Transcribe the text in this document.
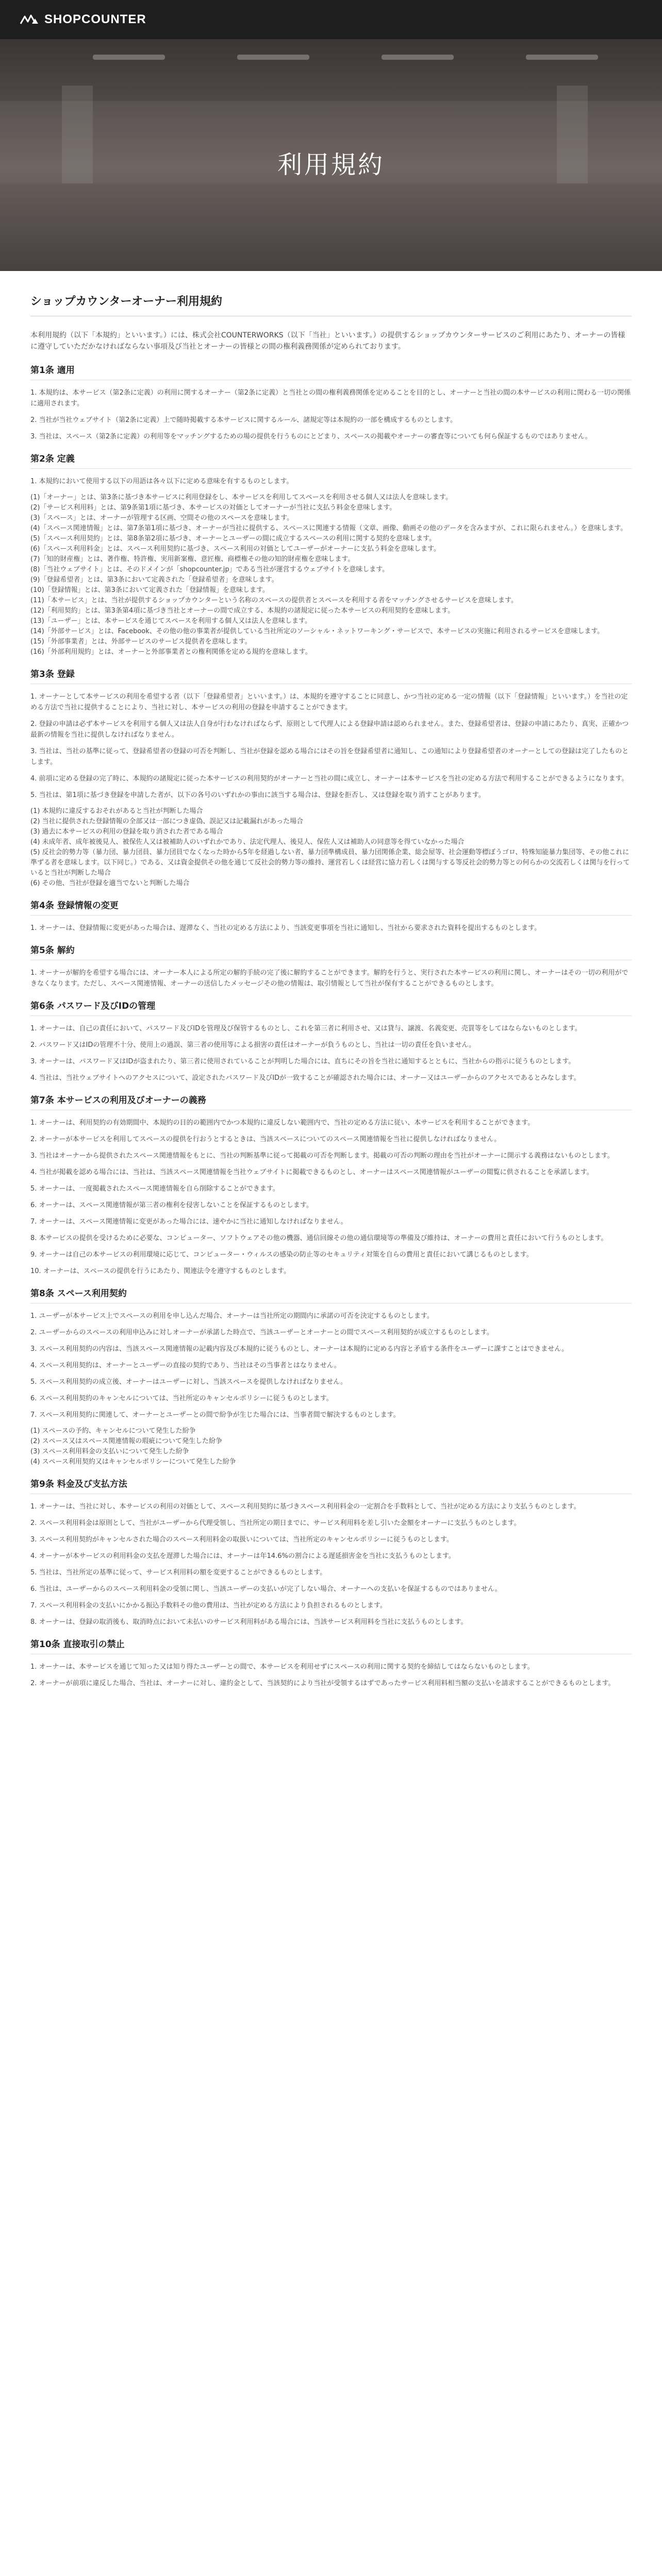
SHOPCOUNTER
利用規約
ショップカウンターオーナー利用規約

本利用規約（以下「本規約」といいます。）には、株式会社COUNTERWORKS（以下「当社」といいます。）の提供するショップカウンターサービスのご利用にあたり、オーナーの皆様に遵守していただかなければならない事項及び当社とオーナーの皆様との間の権利義務関係が定められております。

第1条 適用

1. 本規約は、本サービス（第2条に定義）の利用に関するオーナー（第2条に定義）と当社との間の権利義務関係を定めることを目的とし、オーナーと当社の間の本サービスの利用に関わる一切の関係に適用されます。

2. 当社が当社ウェブサイト（第2条に定義）上で随時掲載する本サービスに関するルール、諸規定等は本規約の一部を構成するものとします。

3. 当社は、スペース（第2条に定義）の利用等をマッチングするための場の提供を行うものにとどまり、スペースの掲載やオーナーの審査等についても何ら保証するものではありません。

第2条 定義

1. 本規約において使用する以下の用語は各々以下に定める意味を有するものとします。

(1)「オーナー」とは、第3条に基づき本サービスに利用登録をし、本サービスを利用してスペースを利用させる個人又は法人を意味します。
(2)「サービス利用料」とは、第9条第1項に基づき、本サービスの対価としてオーナーが当社に支払う料金を意味します。
(3)「スペース」とは、オーナーが管理する区画、空間その他のスペースを意味します。
(4)「スペース関連情報」とは、第7条第1項に基づき、オーナーが当社に提供する、スペースに関連する情報（文章、画像、動画その他のデータを含みますが、これに限られません。）を意味します。
(5)「スペース利用契約」とは、第8条第2項に基づき、オーナーとユーザーの間に成立するスペースの利用に関する契約を意味します。
(6)「スペース利用料金」とは、スペース利用契約に基づき、スペース利用の対価としてユーザーがオーナーに支払う料金を意味します。
(7)「知的財産権」とは、著作権、特許権、実用新案権、意匠権、商標権その他の知的財産権を意味します。
(8)「当社ウェブサイト」とは、そのドメインが「shopcounter.jp」である当社が運営するウェブサイトを意味します。
(9)「登録希望者」とは、第3条において定義された「登録希望者」を意味します。
(10)「登録情報」とは、第3条において定義された「登録情報」を意味します。
(11)「本サービス」とは、当社が提供するショップカウンターという名称のスペースの提供者とスペースを利用する者をマッチングさせるサービスを意味します。
(12)「利用契約」とは、第3条第4項に基づき当社とオーナーの間で成立する、本規約の諸規定に従った本サービスの利用契約を意味します。
(13)「ユーザー」とは、本サービスを通じてスペースを利用する個人又は法人を意味します。
(14)「外部サービス」とは、Facebook、その他の他の事業者が提供している当社所定のソーシャル・ネットワーキング・サービスで、本サービスの実施に利用されるサービスを意味します。
(15)「外部事業者」とは、外部サービスのサービス提供者を意味します。
(16)「外部利用規約」とは、オーナーと外部事業者との権利関係を定める規約を意味します。
第3条 登録

1. オーナーとして本サービスの利用を希望する者（以下「登録希望者」といいます。）は、本規約を遵守することに同意し、かつ当社の定める一定の情報（以下「登録情報」といいます。）を当社の定める方法で当社に提供することにより、当社に対し、本サービスの利用の登録を申請することができます。

2. 登録の申請は必ず本サービスを利用する個人又は法人自身が行わなければならず、原則として代理人による登録申請は認められません。また、登録希望者は、登録の申請にあたり、真実、正確かつ最新の情報を当社に提供しなければなりません。

3. 当社は、当社の基準に従って、登録希望者の登録の可否を判断し、当社が登録を認める場合にはその旨を登録希望者に通知し、この通知により登録希望者のオーナーとしての登録は完了したものとします。

4. 前項に定める登録の完了時に、本規約の諸規定に従った本サービスの利用契約がオーナーと当社の間に成立し、オーナーは本サービスを当社の定める方法で利用することができるようになります。

5. 当社は、第1項に基づき登録を申請した者が、以下の各号のいずれかの事由に該当する場合は、登録を拒否し、又は登録を取り消すことがあります。

(1) 本規約に違反するおそれがあると当社が判断した場合
(2) 当社に提供された登録情報の全部又は一部につき虚偽、誤記又は記載漏れがあった場合
(3) 過去に本サービスの利用の登録を取り消された者である場合
(4) 未成年者、成年被後見人、被保佐人又は被補助人のいずれかであり、法定代理人、後見人、保佐人又は補助人の同意等を得ていなかった場合
(5) 反社会的勢力等（暴力団、暴力団員、暴力団員でなくなった時から5年を経過しない者、暴力団準構成員、暴力団関係企業、総会屋等、社会運動等標ぼうゴロ、特殊知能暴力集団等、その他これに準ずる者を意味します。以下同じ。）である、又は資金提供その他を通じて反社会的勢力等の維持、運営若しくは経営に協力若しくは関与する等反社会的勢力等との何らかの交流若しくは関与を行っていると当社が判断した場合
(6) その他、当社が登録を適当でないと判断した場合
第4条 登録情報の変更

1. オーナーは、登録情報に変更があった場合は、遅滞なく、当社の定める方法により、当該変更事項を当社に通知し、当社から要求された資料を提出するものとします。

第5条 解約

1. オーナーが解約を希望する場合には、オーナー本人による所定の解約手続の完了後に解約することができます。解約を行うと、実行された本サービスの利用に関し、オーナーはその一切の利用ができなくなります。ただし、スペース関連情報、オーナーの送信したメッセージその他の情報は、取引情報として当社が保有することができるものとします。

第6条 パスワード及びIDの管理

1. オーナーは、自己の責任において、パスワード及びIDを管理及び保管するものとし、これを第三者に利用させ、又は貸与、譲渡、名義変更、売買等をしてはならないものとします。

2. パスワード又はIDの管理不十分、使用上の過誤、第三者の使用等による損害の責任はオーナーが負うものとし、当社は一切の責任を負いません。

3. オーナーは、パスワード又はIDが盗まれたり、第三者に使用されていることが判明した場合には、直ちにその旨を当社に通知するとともに、当社からの指示に従うものとします。

4. 当社は、当社ウェブサイトへのアクセスについて、設定されたパスワード及びIDが一致することが確認された場合には、オーナー又はユーザーからのアクセスであるとみなします。

第7条 本サービスの利用及びオーナーの義務

1. オーナーは、利用契約の有効期間中、本規約の目的の範囲内でかつ本規約に違反しない範囲内で、当社の定める方法に従い、本サービスを利用することができます。

2. オーナーが本サービスを利用してスペースの提供を行おうとするときは、当該スペースについてのスペース関連情報を当社に提供しなければなりません。

3. 当社はオーナーから提供されたスペース関連情報をもとに、当社の判断基準に従って掲載の可否を判断します。掲載の可否の判断の理由を当社がオーナーに開示する義務はないものとします。

4. 当社が掲載を認める場合には、当社は、当該スペース関連情報を当社ウェブサイトに掲載できるものとし、オーナーはスペース関連情報がユーザーの閲覧に供されることを承諾します。

5. オーナーは、一度掲載されたスペース関連情報を自ら削除することができます。

6. オーナーは、スペース関連情報が第三者の権利を侵害しないことを保証するものとします。

7. オーナーは、スペース関連情報に変更があった場合には、速やかに当社に通知しなければなりません。

8. 本サービスの提供を受けるために必要な、コンピューター、ソフトウェアその他の機器、通信回線その他の通信環境等の準備及び維持は、オーナーの費用と責任において行うものとします。

9. オーナーは自己の本サービスの利用環境に応じて、コンピューター・ウィルスの感染の防止等のセキュリティ対策を自らの費用と責任において講じるものとします。

10. オーナーは、スペースの提供を行うにあたり、関連法令を遵守するものとします。

第8条 スペース利用契約

1. ユーザーが本サービス上でスペースの利用を申し込んだ場合、オーナーは当社所定の期間内に承諾の可否を決定するものとします。

2. ユーザーからのスペースの利用申込みに対しオーナーが承諾した時点で、当該ユーザーとオーナーとの間でスペース利用契約が成立するものとします。

3. スペース利用契約の内容は、当該スペース関連情報の記載内容及び本規約に従うものとし、オーナーは本規約に定める内容と矛盾する条件をユーザーに課すことはできません。

4. スペース利用契約は、オーナーとユーザーの直接の契約であり、当社はその当事者とはなりません。

5. スペース利用契約の成立後、オーナーはユーザーに対し、当該スペースを提供しなければなりません。

6. スペース利用契約のキャンセルについては、当社所定のキャンセルポリシーに従うものとします。

7. スペース利用契約に関連して、オーナーとユーザーとの間で紛争が生じた場合には、当事者間で解決するものとします。

(1) スペースの予約、キャンセルについて発生した紛争
(2) スペース又はスペース関連情報の瑕疵について発生した紛争
(3) スペース利用料金の支払いについて発生した紛争
(4) スペース利用契約又はキャンセルポリシーについて発生した紛争
第9条 料金及び支払方法

1. オーナーは、当社に対し、本サービスの利用の対価として、スペース利用契約に基づきスペース利用料金の一定割合を手数料として、当社が定める方法により支払うものとします。

2. スペース利用料金は原則として、当社がユーザーから代理受領し、当社所定の期日までに、サービス利用料を差し引いた金額をオーナーに支払うものとします。

3. スペース利用契約がキャンセルされた場合のスペース利用料金の取扱いについては、当社所定のキャンセルポリシーに従うものとします。

4. オーナーが本サービスの利用料金の支払を遅滞した場合には、オーナーは年14.6%の割合による遅延損害金を当社に支払うものとします。

5. 当社は、当社所定の基準に従って、サービス利用料の額を変更することができるものとします。

6. 当社は、ユーザーからのスペース利用料金の受領に関し、当該ユーザーの支払いが完了しない場合、オーナーへの支払いを保証するものではありません。

7. スペース利用料金の支払いにかかる振込手数料その他の費用は、当社が定める方法により負担されるものとします。

8. オーナーは、登録の取消後も、取消時点において未払いのサービス利用料がある場合には、当該サービス利用料を当社に支払うものとします。

第10条 直接取引の禁止

1. オーナーは、本サービスを通じて知った又は知り得たユーザーとの間で、本サービスを利用せずにスペースの利用に関する契約を締結してはならないものとします。

2. オーナーが前項に違反した場合、当社は、オーナーに対し、違約金として、当該契約により当社が受領するはずであったサービス利用料相当額の支払いを請求することができるものとします。
